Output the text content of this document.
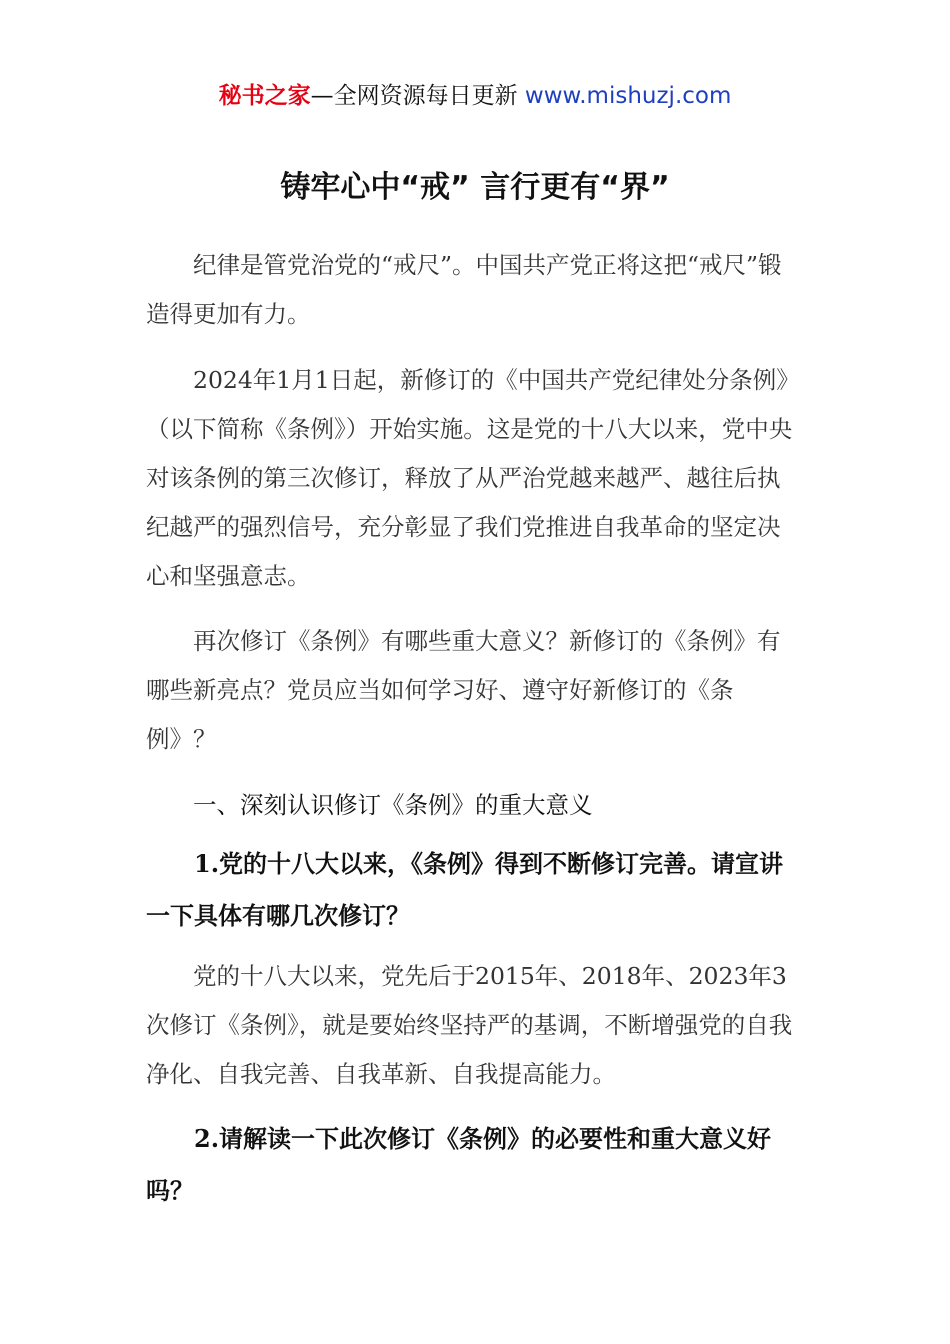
秘书之家—全网资源每日更新 www.mishuzj.com
铸牢心中“戒” 言行更有“界”

纪律是管党治党的“戒尺”。中国共产党正将这把“戒尺”锻造得更加有力。

2024年1月1日起，新修订的《中国共产党纪律处分条例》（以下简称《条例》）开始实施。这是党的十八大以来，党中央对该条例的第三次修订，释放了从严治党越来越严、越往后执纪越严的强烈信号，充分彰显了我们党推进自我革命的坚定决心和坚强意志。

再次修订《条例》有哪些重大意义？新修订的《条例》有哪些新亮点？党员应当如何学习好、遵守好新修订的《条例》？

一、深刻认识修订《条例》的重大意义

1.党的十八大以来，《条例》得到不断修订完善。请宣讲一下具体有哪几次修订？

党的十八大以来，党先后于2015年、2018年、2023年3次修订《条例》，就是要始终坚持严的基调，不断增强党的自我净化、自我完善、自我革新、自我提高能力。

2.请解读一下此次修订《条例》的必要性和重大意义好吗？
